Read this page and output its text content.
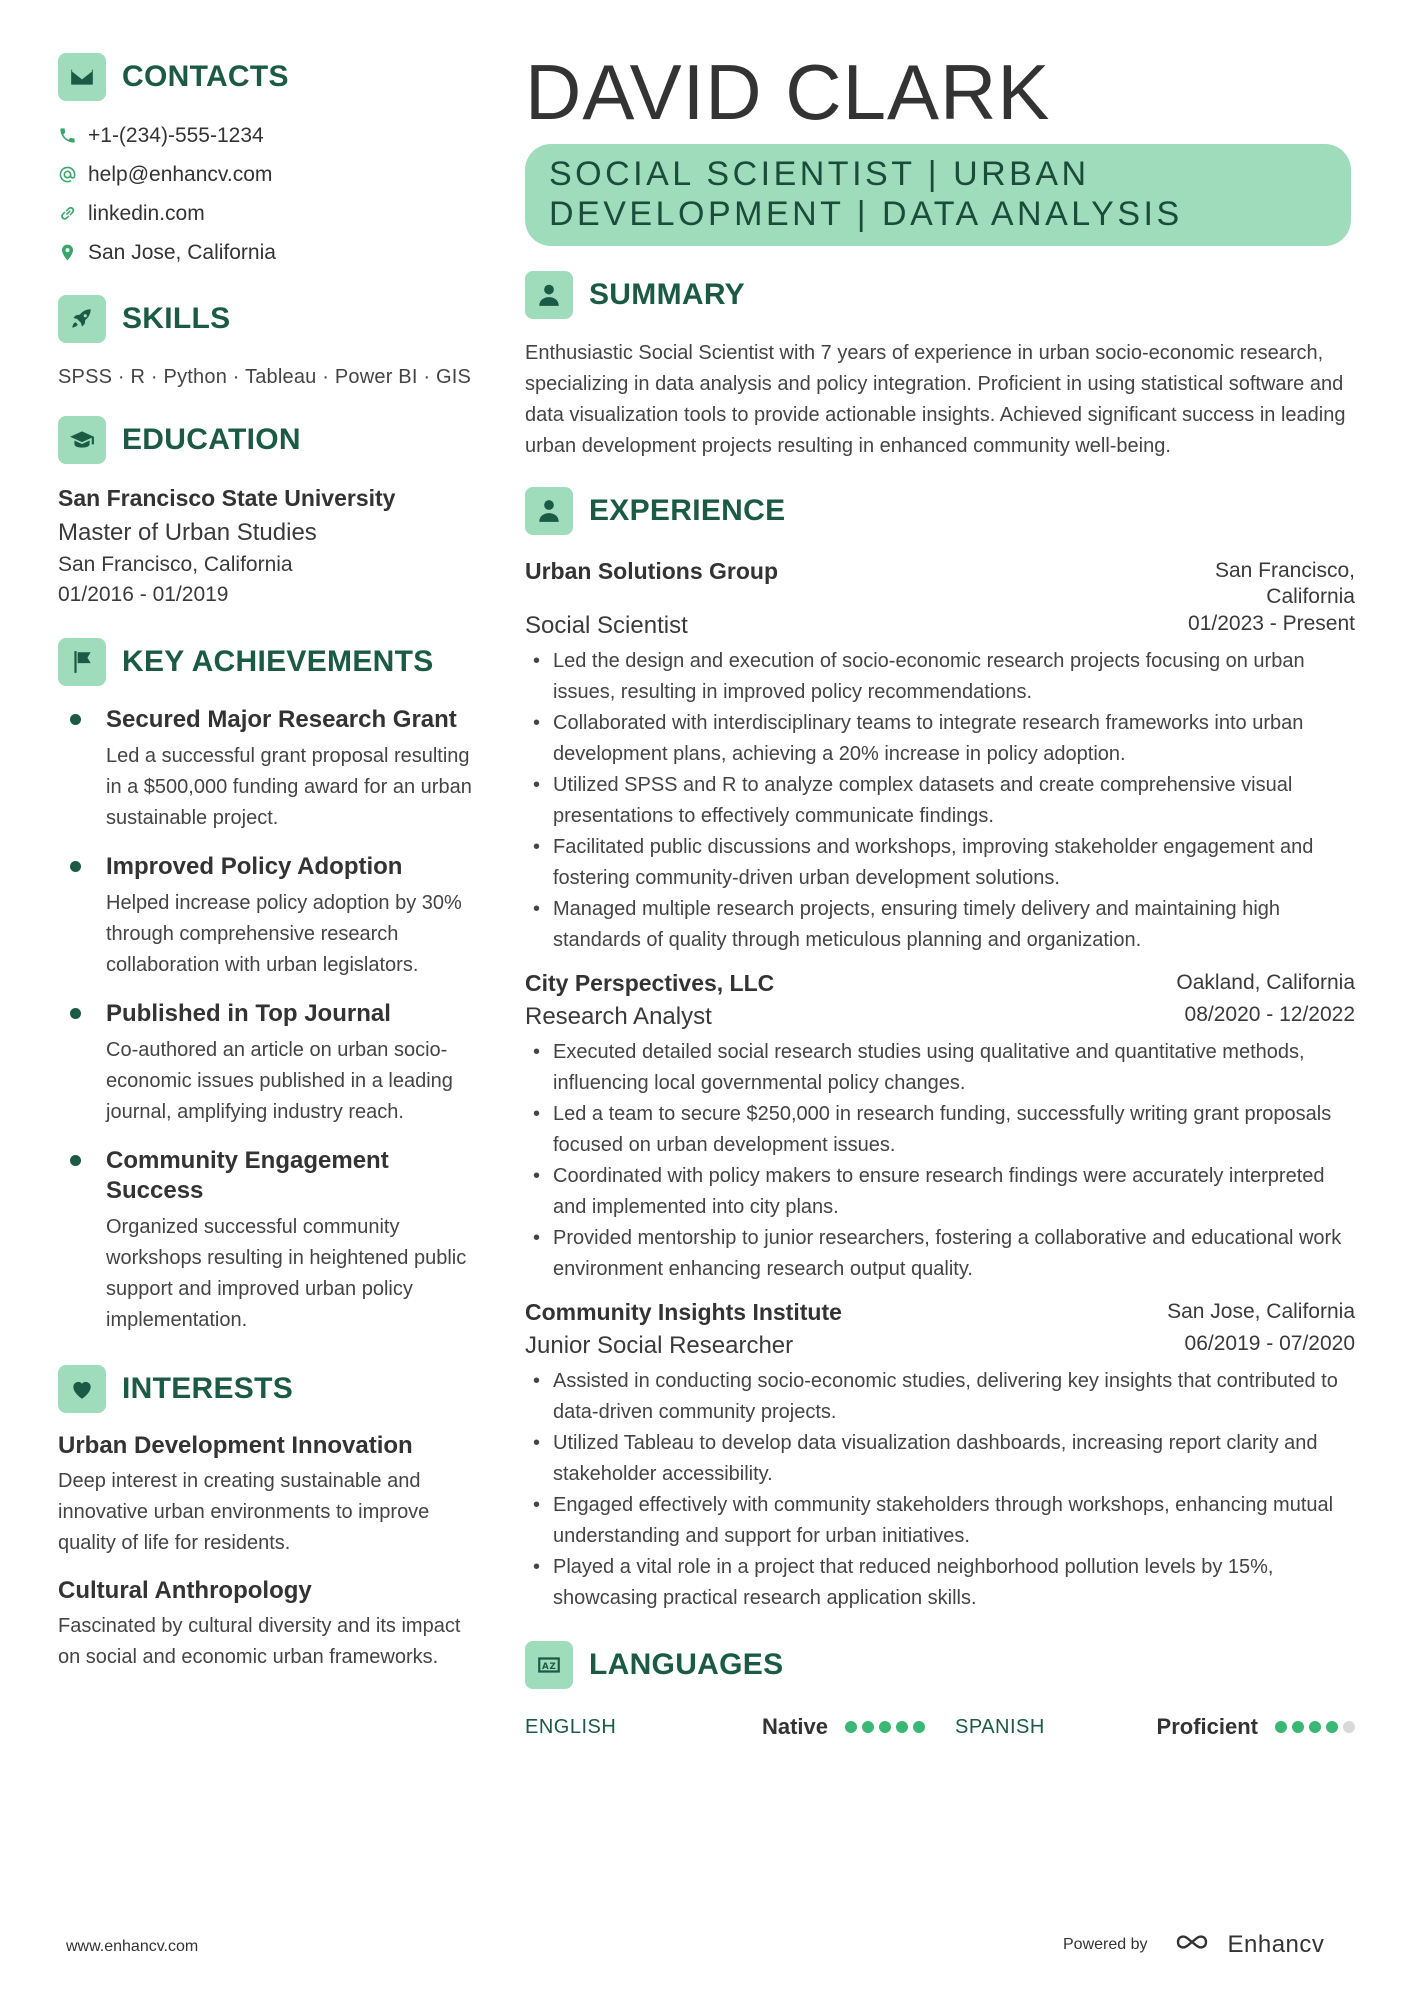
CONTACTS
+1-(234)-555-1234
help@enhancv.com
linkedin.com
San Jose, California
SKILLS
SPSS · R · Python · Tableau · Power BI · GIS
EDUCATION
San Francisco State University
Master of Urban Studies
San Francisco, California
01/2016 - 01/2019
KEY ACHIEVEMENTS
Secured Major Research Grant
Led a successful grant proposal resulting in a $500,000 funding award for an urban sustainable project.
Improved Policy Adoption
Helped increase policy adoption by 30% through comprehensive research collaboration with urban legislators.
Published in Top Journal
Co-authored an article on urban socio-economic issues published in a leading journal, amplifying industry reach.
Community Engagement Success
Organized successful community workshops resulting in heightened public support and improved urban policy implementation.
INTERESTS
Urban Development Innovation
Deep interest in creating sustainable and innovative urban environments to improve quality of life for residents.
Cultural Anthropology
Fascinated by cultural diversity and its impact on social and economic urban frameworks.
DAVID CLARK
SOCIAL SCIENTIST | URBAN
DEVELOPMENT | DATA ANALYSIS
SUMMARY
Enthusiastic Social Scientist with 7 years of experience in urban socio-economic research, specializing in data analysis and policy integration. Proficient in using statistical software and data visualization tools to provide actionable insights. Achieved significant success in leading urban development projects resulting in enhanced community well-being.
EXPERIENCE
Urban Solutions Group	San Francisco, California
Social Scientist	01/2023 - Present
• Led the design and execution of socio-economic research projects focusing on urban issues, resulting in improved policy recommendations.
• Collaborated with interdisciplinary teams to integrate research frameworks into urban development plans, achieving a 20% increase in policy adoption.
• Utilized SPSS and R to analyze complex datasets and create comprehensive visual presentations to effectively communicate findings.
• Facilitated public discussions and workshops, improving stakeholder engagement and fostering community-driven urban development solutions.
• Managed multiple research projects, ensuring timely delivery and maintaining high standards of quality through meticulous planning and organization.
City Perspectives, LLC	Oakland, California
Research Analyst	08/2020 - 12/2022
• Executed detailed social research studies using qualitative and quantitative methods, influencing local governmental policy changes.
• Led a team to secure $250,000 in research funding, successfully writing grant proposals focused on urban development issues.
• Coordinated with policy makers to ensure research findings were accurately interpreted and implemented into city plans.
• Provided mentorship to junior researchers, fostering a collaborative and educational work environment enhancing research output quality.
Community Insights Institute	San Jose, California
Junior Social Researcher	06/2019 - 07/2020
• Assisted in conducting socio-economic studies, delivering key insights that contributed to data-driven community projects.
• Utilized Tableau to develop data visualization dashboards, increasing report clarity and stakeholder accessibility.
• Engaged effectively with community stakeholders through workshops, enhancing mutual understanding and support for urban initiatives.
• Played a vital role in a project that reduced neighborhood pollution levels by 15%, showcasing practical research application skills.
A Z LANGUAGES
ENGLISH	Native	SPANISH	Proficient
www.enhancv.com	Powered by	Enhancv
